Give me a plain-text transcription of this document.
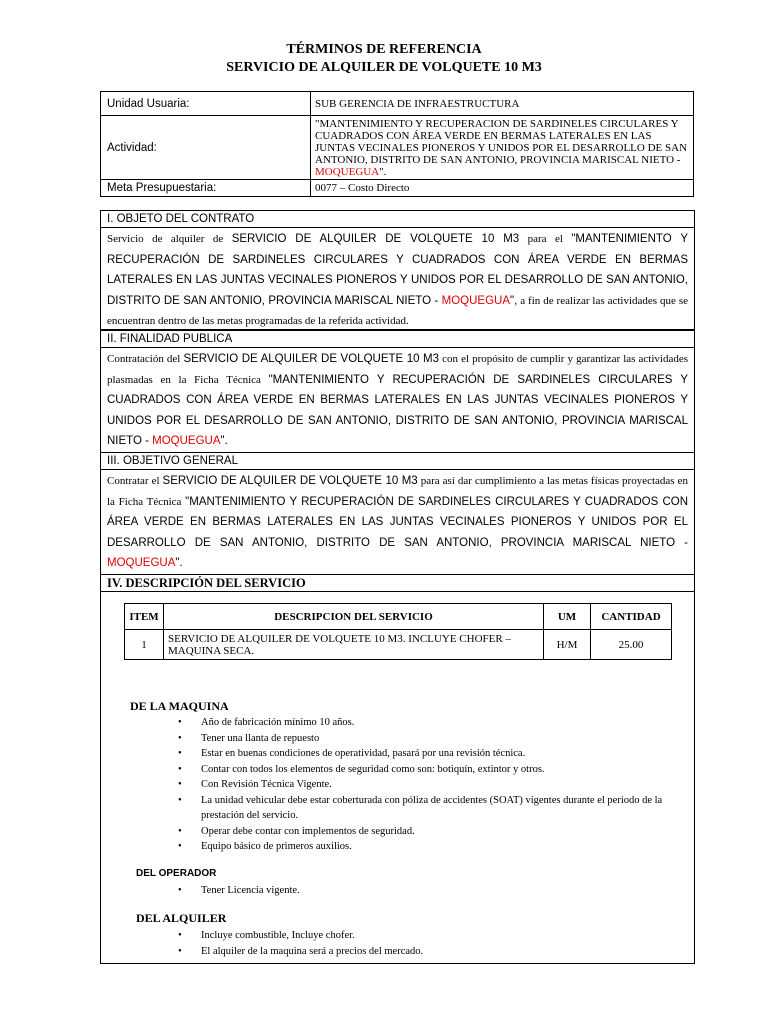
TÉRMINOS DE REFERENCIA
SERVICIO DE ALQUILER DE VOLQUETE 10 M3
Unidad Usuaria:	SUB GERENCIA DE INFRAESTRUCTURA
Actividad:	"MANTENIMIENTO Y RECUPERACION DE SARDINELES CIRCULARES Y CUADRADOS CON ÁREA VERDE EN BERMAS LATERALES EN LAS JUNTAS VECINALES PIONEROS Y UNIDOS POR EL DESARROLLO DE SAN ANTONIO, DISTRITO DE SAN ANTONIO, PROVINCIA MARISCAL NIETO - MOQUEGUA".
Meta Presupuestaria:	0077 – Costo Directo
I. OBJETO DEL CONTRATO
Servicio de alquiler de SERVICIO DE ALQUILER DE VOLQUETE 10 M3 para el "MANTENIMIENTO Y RECUPERACIÓN DE SARDINELES CIRCULARES Y CUADRADOS CON ÁREA VERDE EN BERMAS LATERALES EN LAS JUNTAS VECINALES PIONEROS Y UNIDOS POR EL DESARROLLO DE SAN ANTONIO, DISTRITO DE SAN ANTONIO, PROVINCIA MARISCAL NIETO - MOQUEGUA", a fin de realizar las actividades que se encuentran dentro de las metas programadas de la referida actividad.
II. FINALIDAD PUBLICA
Contratación del SERVICIO DE ALQUILER DE VOLQUETE 10 M3 con el propósito de cumplir y garantizar las actividades plasmadas en la Ficha Técnica "MANTENIMIENTO Y RECUPERACIÓN DE SARDINELES CIRCULARES Y CUADRADOS CON ÁREA VERDE EN BERMAS LATERALES EN LAS JUNTAS VECINALES PIONEROS Y UNIDOS POR EL DESARROLLO DE SAN ANTONIO, DISTRITO DE SAN ANTONIO, PROVINCIA MARISCAL NIETO - MOQUEGUA".
III. OBJETIVO GENERAL
Contratar el SERVICIO DE ALQUILER DE VOLQUETE 10 M3 para así dar cumplimiento a las metas físicas proyectadas en la Ficha Técnica "MANTENIMIENTO Y RECUPERACIÓN DE SARDINELES CIRCULARES Y CUADRADOS CON ÁREA VERDE EN BERMAS LATERALES EN LAS JUNTAS VECINALES PIONEROS Y UNIDOS POR EL DESARROLLO DE SAN ANTONIO, DISTRITO DE SAN ANTONIO, PROVINCIA MARISCAL NIETO - MOQUEGUA".
IV. DESCRIPCIÓN DEL SERVICIO
ITEM	DESCRIPCION DEL SERVICIO	UM	CANTIDAD
1	SERVICIO DE ALQUILER DE VOLQUETE 10 M3. INCLUYE CHOFER – MAQUINA SECA.	H/M	25.00
DE LA MAQUINA
• Año de fabricación mínimo 10 años.
• Tener una llanta de repuesto
• Estar en buenas condiciones de operatividad, pasará por una revisión técnica.
• Contar con todos los elementos de seguridad como son: botiquín, extintor y otros.
• Con Revisión Técnica Vigente.
• La unidad vehicular debe estar coberturada con póliza de accidentes (SOAT) vigentes durante el periodo de la prestación del servicio.
• Operar debe contar con implementos de seguridad.
• Equipo básico de primeros auxilios.
DEL OPERADOR
• Tener Licencia vigente.
DEL ALQUILER
• Incluye combustible, Incluye chofer.
• El alquiler de la maquina será a precios del mercado.
